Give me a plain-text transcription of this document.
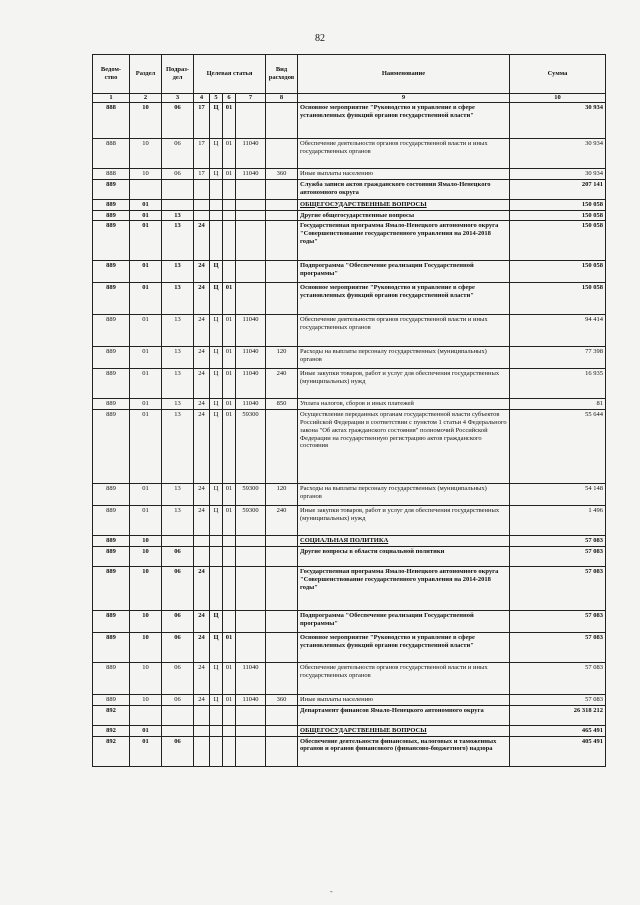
82
Ведом-ство	Раздел	Подраз-дел	Целевая статья				Вид расходов	Наименование	Сумма
1	2	3	4	5	6	7	8	9	10
888	10	06	17	Ц	01			Основное мероприятие "Руководство и управление в сфере установленных функций органов государственной власти"	30 934
888	10	06	17	Ц	01	11040		Обеспечение деятельности органов государственной власти и иных государственных органов	30 934
888	10	06	17	Ц	01	11040	360	Иные выплаты населению	30 934
889								Служба записи актов гражданского состояния Ямало-Ненецкого автономного округа	207 141
889	01							ОБЩЕГОСУДАРСТВЕННЫЕ ВОПРОСЫ	150 058
889	01	13						Другие общегосударственные вопросы	150 058
889	01	13	24					Государственная программа Ямало-Ненецкого автономного округа "Совершенствование государственного управления на 2014-2018 годы"	150 058
889	01	13	24	Ц				Подпрограмма "Обеспечение реализации Государственной программы"	150 058
889	01	13	24	Ц	01			Основное мероприятие "Руководство и управление в сфере установленных функций органов государственной власти"	150 058
889	01	13	24	Ц	01	11040		Обеспечение деятельности органов государственной власти и иных государственных органов	94 414
889	01	13	24	Ц	01	11040	120	Расходы на выплаты персоналу государственных (муниципальных) органов	77 398
889	01	13	24	Ц	01	11040	240	Иные закупки товаров, работ и услуг для обеспечения государственных (муниципальных) нужд	16 935
889	01	13	24	Ц	01	11040	850	Уплата налогов, сборов и иных платежей	81
889	01	13	24	Ц	01	59300		Осуществление переданных органам государственной власти субъектов Российской Федерации в соответствии с пунктом 1 статьи 4 Федерального закона "Об актах гражданского состояния" полномочий Российской Федерации на государственную регистрацию актов гражданского состояния	55 644
889	01	13	24	Ц	01	59300	120	Расходы на выплаты персоналу государственных (муниципальных) органов	54 148
889	01	13	24	Ц	01	59300	240	Иные закупки товаров, работ и услуг для обеспечения государственных (муниципальных) нужд	1 496
889	10							СОЦИАЛЬНАЯ ПОЛИТИКА	57 083
889	10	06						Другие вопросы в области социальной политики	57 083
889	10	06	24					Государственная программа Ямало-Ненецкого автономного округа "Совершенствование государственного управления на 2014-2018 годы"	57 083
889	10	06	24	Ц				Подпрограмма "Обеспечение реализации Государственной программы"	57 083
889	10	06	24	Ц	01			Основное мероприятие "Руководство и управление в сфере установленных функций органов государственной власти"	57 083
889	10	06	24	Ц	01	11040		Обеспечение деятельности органов государственной власти и иных государственных органов	57 083
889	10	06	24	Ц	01	11040	360	Иные выплаты населению	57 083
892								Департамент финансов Ямало-Ненецкого автономного округа	26 318 212
892	01							ОБЩЕГОСУДАРСТВЕННЫЕ ВОПРОСЫ	465 491
892	01	06						Обеспечение деятельности финансовых, налоговых и таможенных органов и органов финансового (финансово-бюджетного) надзора	405 491
-
